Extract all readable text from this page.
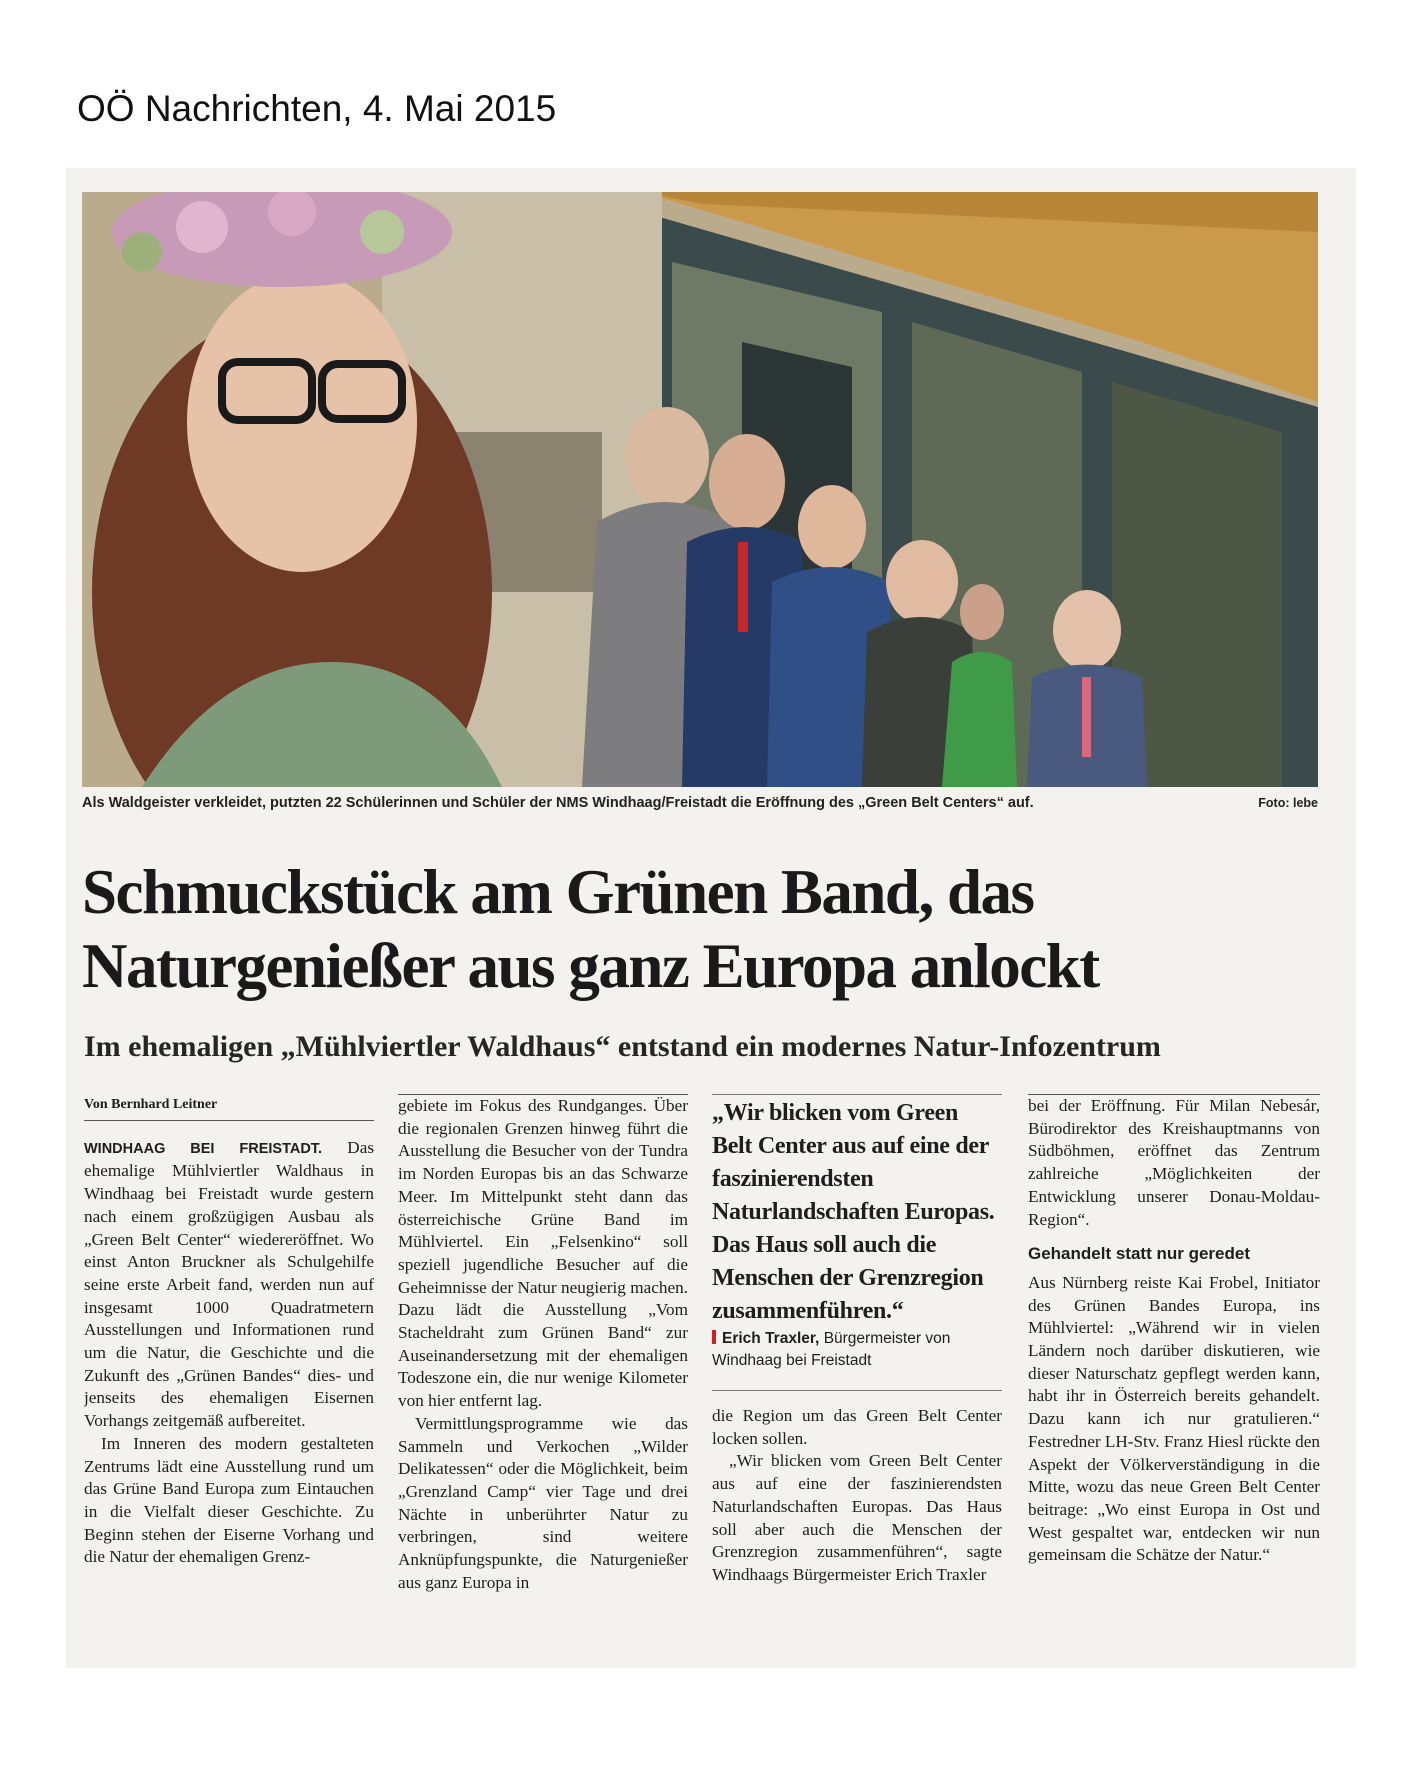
OÖ Nachrichten, 4. Mai 2015
Als Waldgeister verkleidet, putzten 22 Schülerinnen und Schüler der NMS Windhaag/Freistadt die Eröffnung des „Green Belt Centers“ auf.	Foto: lebe
Schmuckstück am Grünen Band, das Naturgenießer aus ganz Europa anlockt
Im ehemaligen „Mühlviertler Waldhaus“ entstand ein modernes Natur-Infozentrum
Von Bernhard Leitner

WINDHAAG BEI FREISTADT. Das ehemalige Mühlviertler Waldhaus in Windhaag bei Freistadt wurde gestern nach einem großzügigen Ausbau als „Green Belt Center“ wiedereröffnet. Wo einst Anton Bruckner als Schulgehilfe seine erste Arbeit fand, werden nun auf insgesamt 1000 Quadratmetern Ausstellungen und Informationen rund um die Natur, die Geschichte und die Zukunft des „Grünen Bandes“ dies- und jenseits des ehemaligen Eisernen Vorhangs zeitgemäß aufbereitet.

Im Inneren des modern gestalteten Zentrums lädt eine Ausstellung rund um das Grüne Band Europa zum Eintauchen in die Vielfalt dieser Geschichte. Zu Beginn stehen der Eiserne Vorhang und die Natur der ehemaligen Grenz-

gebiete im Fokus des Rundganges. Über die regionalen Grenzen hinweg führt die Ausstellung die Besucher von der Tundra im Norden Europas bis an das Schwarze Meer. Im Mittelpunkt steht dann das österreichische Grüne Band im Mühlviertel. Ein „Felsenkino“ soll speziell jugendliche Besucher auf die Geheimnisse der Natur neugierig machen. Dazu lädt die Ausstellung „Vom Stacheldraht zum Grünen Band“ zur Auseinandersetzung mit der ehemaligen Todeszone ein, die nur wenige Kilometer von hier entfernt lag.

Vermittlungsprogramme wie das Sammeln und Verkochen „Wilder Delikatessen“ oder die Möglichkeit, beim „Grenzland Camp“ vier Tage und drei Nächte in unberührter Natur zu verbringen, sind weitere Anknüpfungspunkte, die Naturgenießer aus ganz Europa in

„Wir blicken vom Green Belt Center aus auf eine der faszinierendsten Naturlandschaften Europas. Das Haus soll auch die Menschen der Grenzregion zusammenführen.“

Erich Traxler, Bürgermeister von Windhaag bei Freistadt

die Region um das Green Belt Center locken sollen.

„Wir blicken vom Green Belt Center aus auf eine der faszinierendsten Naturlandschaften Europas. Das Haus soll aber auch die Menschen der Grenzregion zusammenführen“, sagte Windhaags Bürgermeister Erich Traxler

bei der Eröffnung. Für Milan Nebesár, Bürodirektor des Kreishauptmanns von Südböhmen, eröffnet das Zentrum zahlreiche „Möglichkeiten der Entwicklung unserer Donau-Moldau-Region“.

Gehandelt statt nur geredet

Aus Nürnberg reiste Kai Frobel, Initiator des Grünen Bandes Europa, ins Mühlviertel: „Während wir in vielen Ländern noch darüber diskutieren, wie dieser Naturschatz gepflegt werden kann, habt ihr in Österreich bereits gehandelt. Dazu kann ich nur gratulieren.“ Festredner LH-Stv. Franz Hiesl rückte den Aspekt der Völkerverständigung in die Mitte, wozu das neue Green Belt Center beitrage: „Wo einst Europa in Ost und West gespaltet war, entdecken wir nun gemeinsam die Schätze der Natur.“
